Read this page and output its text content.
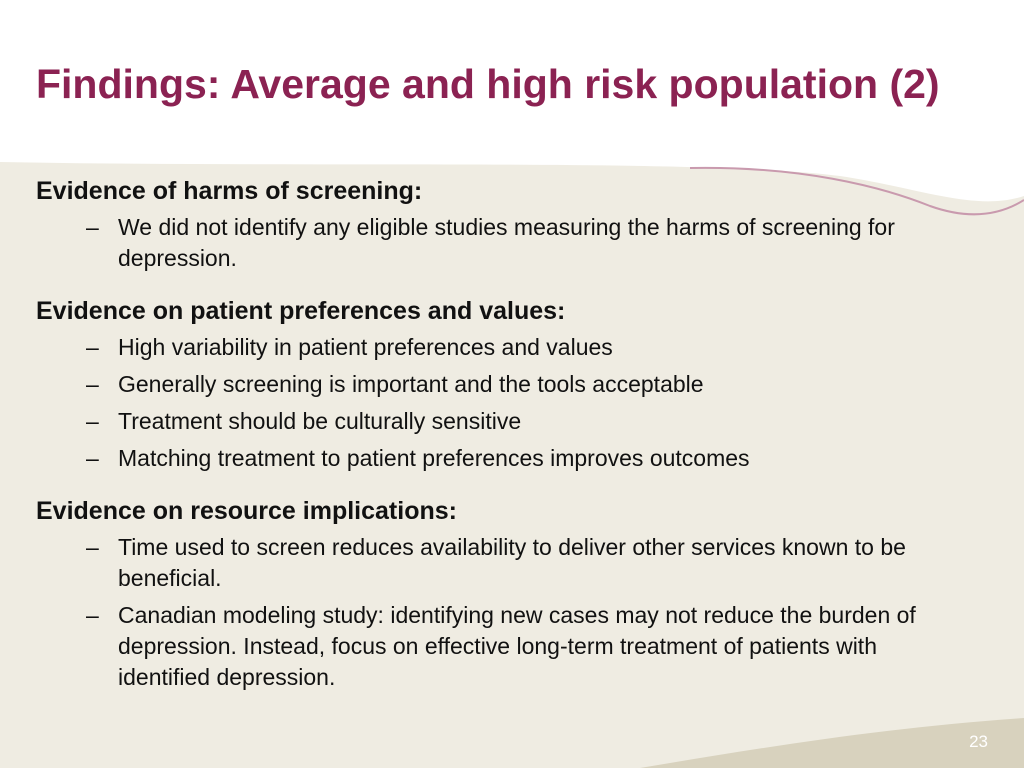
Findings: Average and high risk population (2)
Evidence of harms of screening:
– We did not identify any eligible studies measuring the harms of screening for depression.
Evidence on patient preferences and values:
– High variability in patient preferences and values
– Generally screening is important and the tools acceptable
– Treatment should be culturally sensitive
– Matching treatment to patient preferences improves outcomes
Evidence on resource implications:
– Time used to screen reduces availability to deliver other services known to be beneficial.
– Canadian modeling study: identifying new cases may not reduce the burden of depression. Instead, focus on effective long-term treatment of patients with identified depression.
23
